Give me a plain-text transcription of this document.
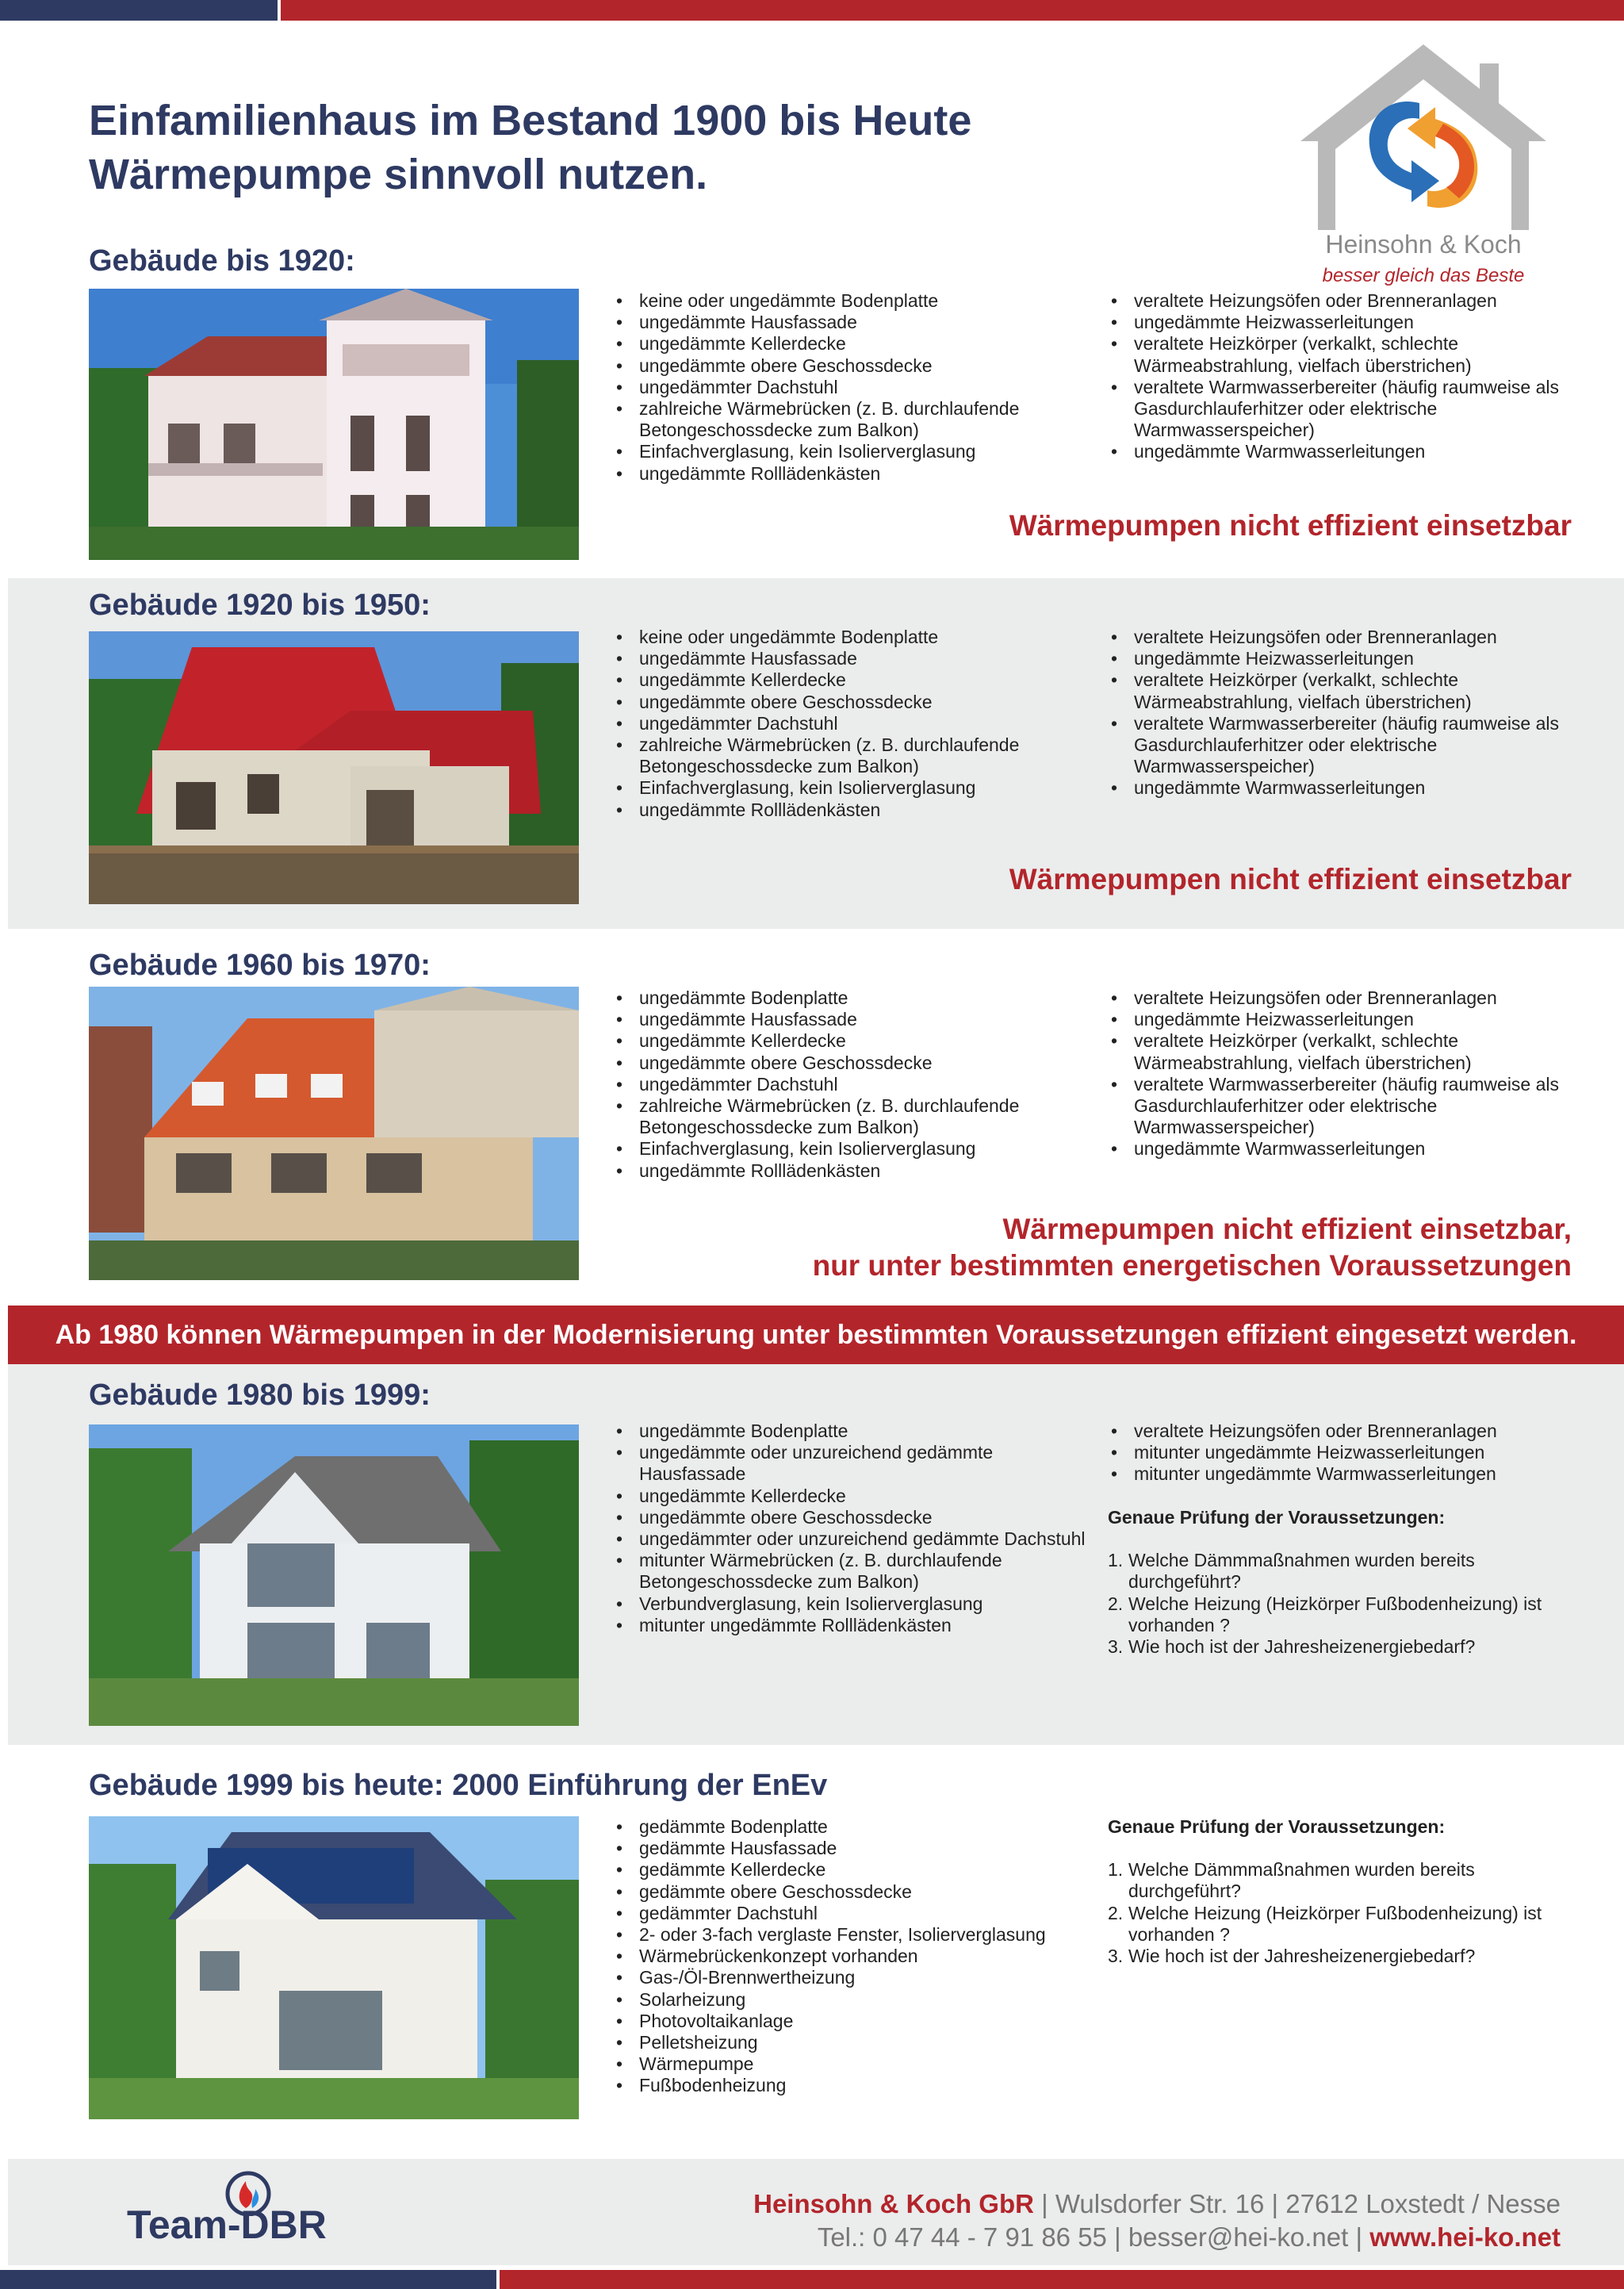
Einfamilienhaus im Bestand 1900 bis Heute
Wärmepumpe sinnvoll nutzen.
Heinsohn & Koch
besser gleich das Beste
Gebäude bis 1920:
• keine oder ungedämmte Bodenplatte
• ungedämmte Hausfassade
• ungedämmte Kellerdecke
• ungedämmte obere Geschossdecke
• ungedämmter Dachstuhl
• zahlreiche Wärmebrücken (z. B. durchlaufende Betongeschossdecke zum Balkon)
• Einfachverglasung, kein Isolierverglasung
• ungedämmte Rolllädenkästen
• veraltete Heizungsöfen oder Brenneranlagen
• ungedämmte Heizwasserleitungen
• veraltete Heizkörper (verkalkt, schlechte Wärmeabstrahlung, vielfach überstrichen)
• veraltete Warmwasserbereiter (häufig raumweise als Gasdurchlauferhitzer oder elektrische Warmwasserspeicher)
• ungedämmte Warmwasserleitungen
Wärmepumpen nicht effizient einsetzbar
Gebäude 1920 bis 1950:
• keine oder ungedämmte Bodenplatte
• ungedämmte Hausfassade
• ungedämmte Kellerdecke
• ungedämmte obere Geschossdecke
• ungedämmter Dachstuhl
• zahlreiche Wärmebrücken (z. B. durchlaufende Betongeschossdecke zum Balkon)
• Einfachverglasung, kein Isolierverglasung
• ungedämmte Rolllädenkästen
• veraltete Heizungsöfen oder Brenneranlagen
• ungedämmte Heizwasserleitungen
• veraltete Heizkörper (verkalkt, schlechte Wärmeabstrahlung, vielfach überstrichen)
• veraltete Warmwasserbereiter (häufig raumweise als Gasdurchlauferhitzer oder elektrische Warmwasserspeicher)
• ungedämmte Warmwasserleitungen
Wärmepumpen nicht effizient einsetzbar
Gebäude 1960 bis 1970:
• ungedämmte Bodenplatte
• ungedämmte Hausfassade
• ungedämmte Kellerdecke
• ungedämmte obere Geschossdecke
• ungedämmter Dachstuhl
• zahlreiche Wärmebrücken (z. B. durchlaufende Betongeschossdecke zum Balkon)
• Einfachverglasung, kein Isolierverglasung
• ungedämmte Rolllädenkästen
• veraltete Heizungsöfen oder Brenneranlagen
• ungedämmte Heizwasserleitungen
• veraltete Heizkörper (verkalkt, schlechte Wärmeabstrahlung, vielfach überstrichen)
• veraltete Warmwasserbereiter (häufig raumweise als Gasdurchlauferhitzer oder elektrische Warmwasserspeicher)
• ungedämmte Warmwasserleitungen
Wärmepumpen nicht effizient einsetzbar,
nur unter bestimmten energetischen Voraussetzungen
Ab 1980 können Wärmepumpen in der Modernisierung unter bestimmten Voraussetzungen effizient eingesetzt werden.
Gebäude 1980 bis 1999:
• ungedämmte Bodenplatte
• ungedämmte oder unzureichend gedämmte Hausfassade
• ungedämmte Kellerdecke
• ungedämmte obere Geschossdecke
• ungedämmter oder unzureichend gedämmte Dachstuhl
• mitunter Wärmebrücken (z. B. durchlaufende Betongeschossdecke zum Balkon)
• Verbundverglasung, kein Isolierverglasung
• mitunter ungedämmte Rolllädenkästen
• veraltete Heizungsöfen oder Brenneranlagen
• mitunter ungedämmte Heizwasserleitungen
• mitunter ungedämmte Warmwasserleitungen
Genaue Prüfung der Voraussetzungen:
1. Welche Dämmmaßnahmen wurden bereits durchgeführt?
2. Welche Heizung (Heizkörper Fußbodenheizung) ist vorhanden ?
3. Wie hoch ist der Jahresheizenergiebedarf?
Gebäude 1999 bis heute: 2000 Einführung der EnEv
• gedämmte Bodenplatte
• gedämmte Hausfassade
• gedämmte Kellerdecke
• gedämmte obere Geschossdecke
• gedämmter Dachstuhl
• 2- oder 3-fach verglaste Fenster, Isolierverglasung
• Wärmebrückenkonzept vorhanden
• Gas-/Öl-Brennwertheizung
• Solarheizung
• Photovoltaikanlage
• Pelletsheizung
• Wärmepumpe
• Fußbodenheizung
Genaue Prüfung der Voraussetzungen:
1. Welche Dämmmaßnahmen wurden bereits durchgeführt?
2. Welche Heizung (Heizkörper Fußbodenheizung) ist vorhanden ?
3. Wie hoch ist der Jahresheizenergiebedarf?
Team-DBR	Heinsohn & Koch GbR | Wulsdorfer Str. 16 | 27612 Loxstedt / Nesse
Tel.: 0 47 44 - 7 91 86 55 | besser@hei-ko.net | www.hei-ko.net
